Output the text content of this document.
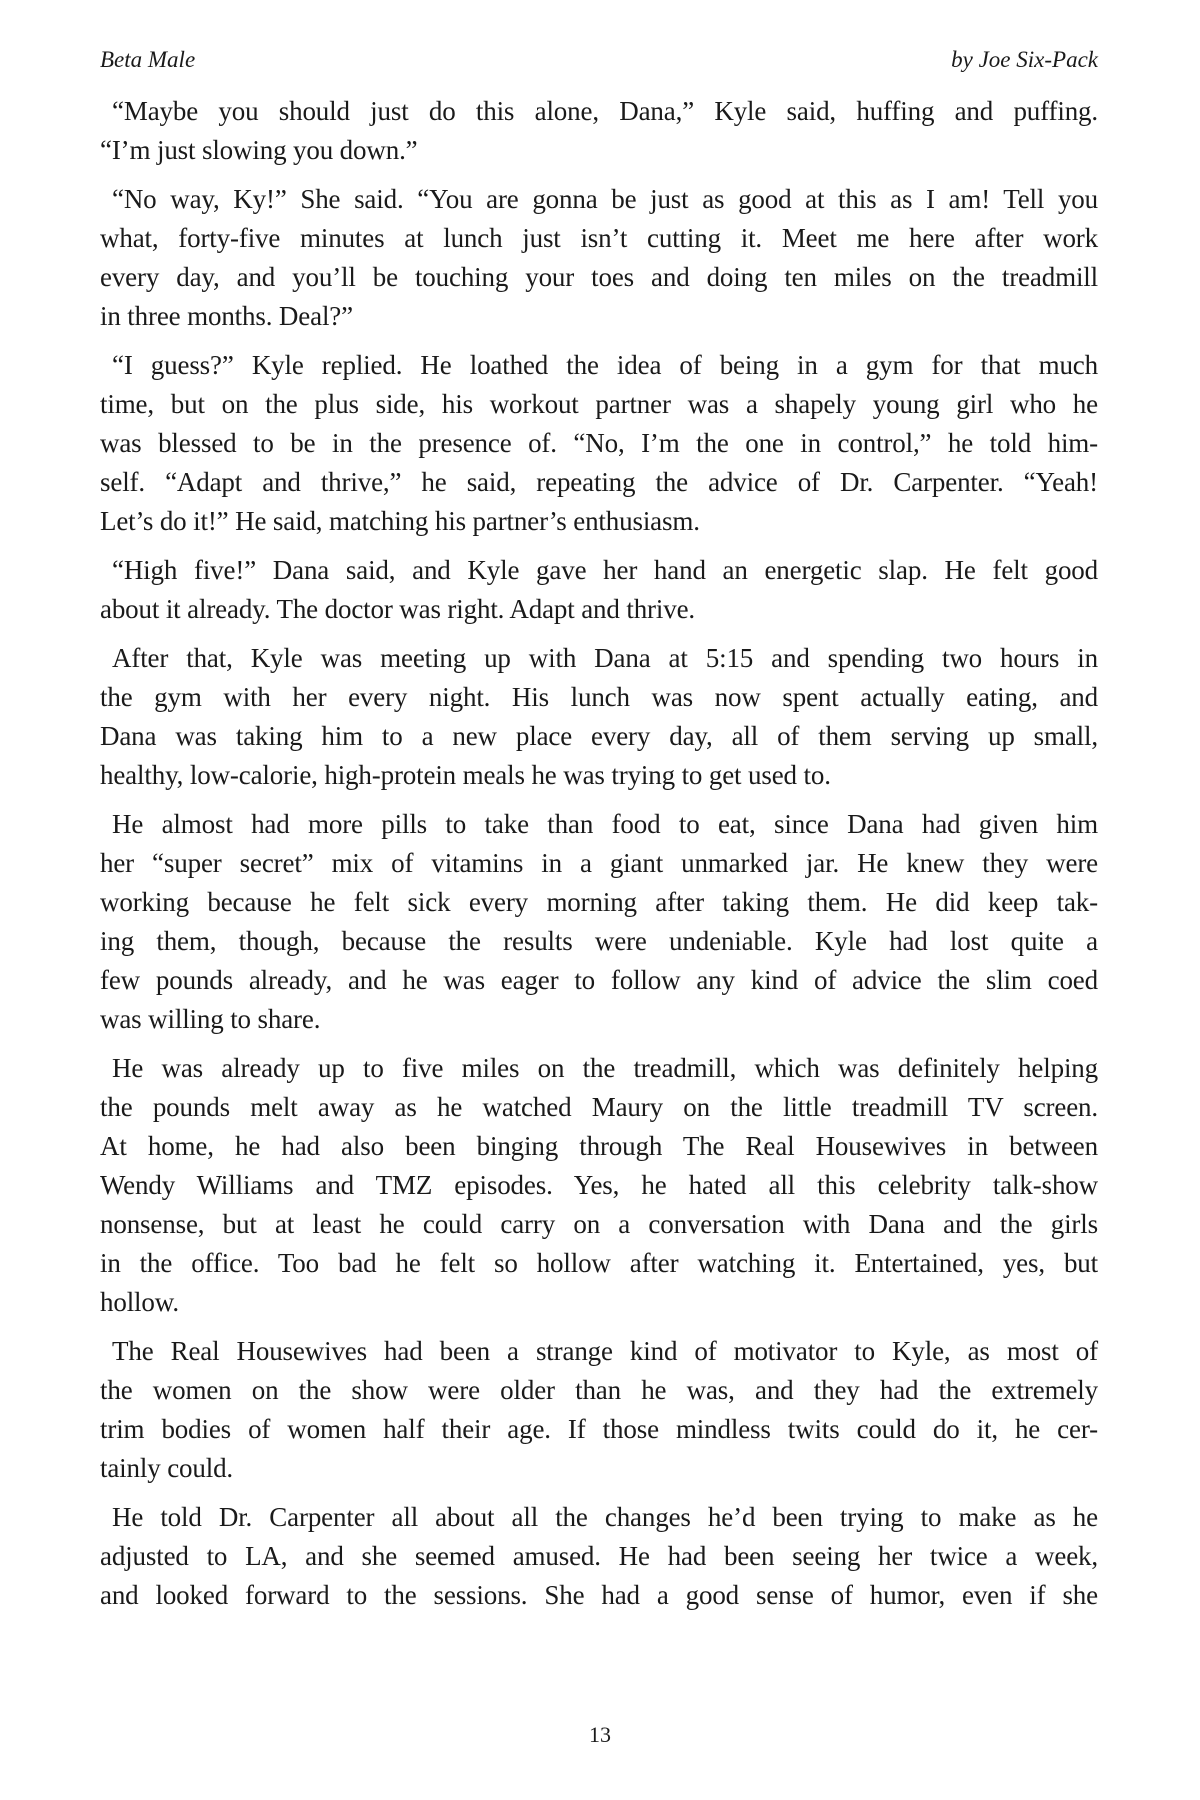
Beta Male	by Joe Six-Pack
“Maybe you should just do this alone, Dana,” Kyle said, huffing and puffing.
“I’m just slowing you down.”
“No way, Ky!” She said. “You are gonna be just as good at this as I am! Tell you
what, forty-five minutes at lunch just isn’t cutting it. Meet me here after work
every day, and you’ll be touching your toes and doing ten miles on the treadmill
in three months. Deal?”
“I guess?” Kyle replied. He loathed the idea of being in a gym for that much
time, but on the plus side, his workout partner was a shapely young girl who he
was blessed to be in the presence of. “No, I’m the one in control,” he told him-
self. “Adapt and thrive,” he said, repeating the advice of Dr. Carpenter. “Yeah!
Let’s do it!” He said, matching his partner’s enthusiasm.
“High five!” Dana said, and Kyle gave her hand an energetic slap. He felt good
about it already. The doctor was right. Adapt and thrive.
After that, Kyle was meeting up with Dana at 5:15 and spending two hours in
the gym with her every night. His lunch was now spent actually eating, and
Dana was taking him to a new place every day, all of them serving up small,
healthy, low-calorie, high-protein meals he was trying to get used to.
He almost had more pills to take than food to eat, since Dana had given him
her “super secret” mix of vitamins in a giant unmarked jar. He knew they were
working because he felt sick every morning after taking them. He did keep tak-
ing them, though, because the results were undeniable. Kyle had lost quite a
few pounds already, and he was eager to follow any kind of advice the slim coed
was willing to share.
He was already up to five miles on the treadmill, which was definitely helping
the pounds melt away as he watched Maury on the little treadmill TV screen.
At home, he had also been binging through The Real Housewives in between
Wendy Williams and TMZ episodes. Yes, he hated all this celebrity talk-show
nonsense, but at least he could carry on a conversation with Dana and the girls
in the office. Too bad he felt so hollow after watching it. Entertained, yes, but
hollow.
The Real Housewives had been a strange kind of motivator to Kyle, as most of
the women on the show were older than he was, and they had the extremely
trim bodies of women half their age. If those mindless twits could do it, he cer-
tainly could.
He told Dr. Carpenter all about all the changes he’d been trying to make as he
adjusted to LA, and she seemed amused. He had been seeing her twice a week,
and looked forward to the sessions. She had a good sense of humor, even if she
13
